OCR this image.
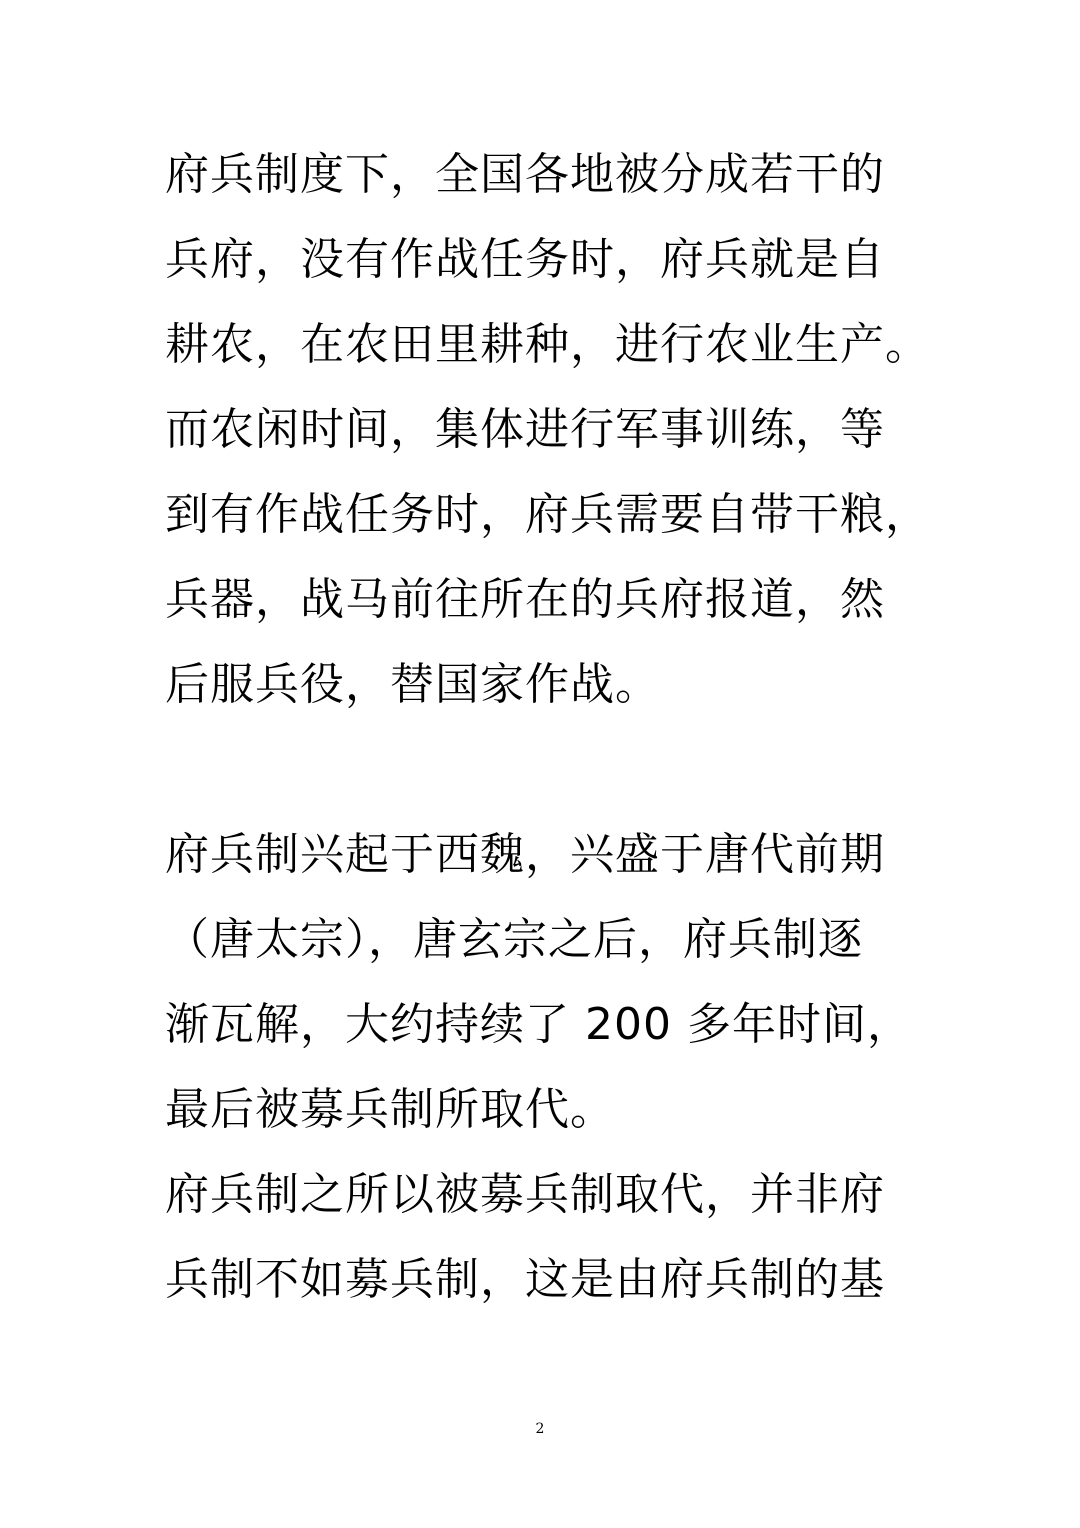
府兵制度下，全国各地被分成若干的
兵府，没有作战任务时，府兵就是自
耕农，在农田里耕种，进行农业生产。
而农闲时间，集体进行军事训练，等
到有作战任务时，府兵需要自带干粮，
兵器，战马前往所在的兵府报道，然
后服兵役，替国家作战。
府兵制兴起于西魏，兴盛于唐代前期
（唐太宗），唐玄宗之后，府兵制逐
渐瓦解，大约持续了 200 多年时间，
最后被募兵制所取代。
府兵制之所以被募兵制取代，并非府
兵制不如募兵制，这是由府兵制的基
2
